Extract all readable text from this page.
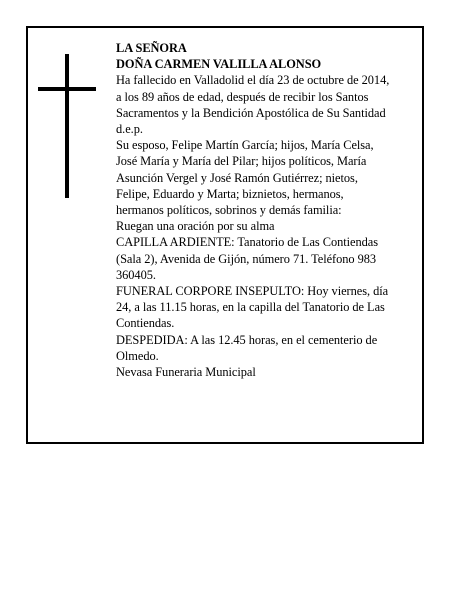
LA SEÑORA
DOÑA CARMEN VALILLA ALONSO
Ha fallecido en Valladolid el día 23 de octubre de 2014,
a los 89 años de edad, después de recibir los Santos
Sacramentos y la Bendición Apostólica de Su Santidad
d.e.p.
Su esposo, Felipe Martín García; hijos, María Celsa,
José María y María del Pilar; hijos políticos, María
Asunción Vergel y José Ramón Gutiérrez; nietos,
Felipe, Eduardo y Marta; biznietos, hermanos,
hermanos políticos, sobrinos y demás familia:
Ruegan una oración por su alma
CAPILLA ARDIENTE: Tanatorio de Las Contiendas
(Sala 2), Avenida de Gijón, número 71. Teléfono 983
360405.
FUNERAL CORPORE INSEPULTO: Hoy viernes, día
24, a las 11.15 horas, en la capilla del Tanatorio de Las
Contiendas.
DESPEDIDA: A las 12.45 horas, en el cementerio de
Olmedo.
Nevasa Funeraria Municipal
